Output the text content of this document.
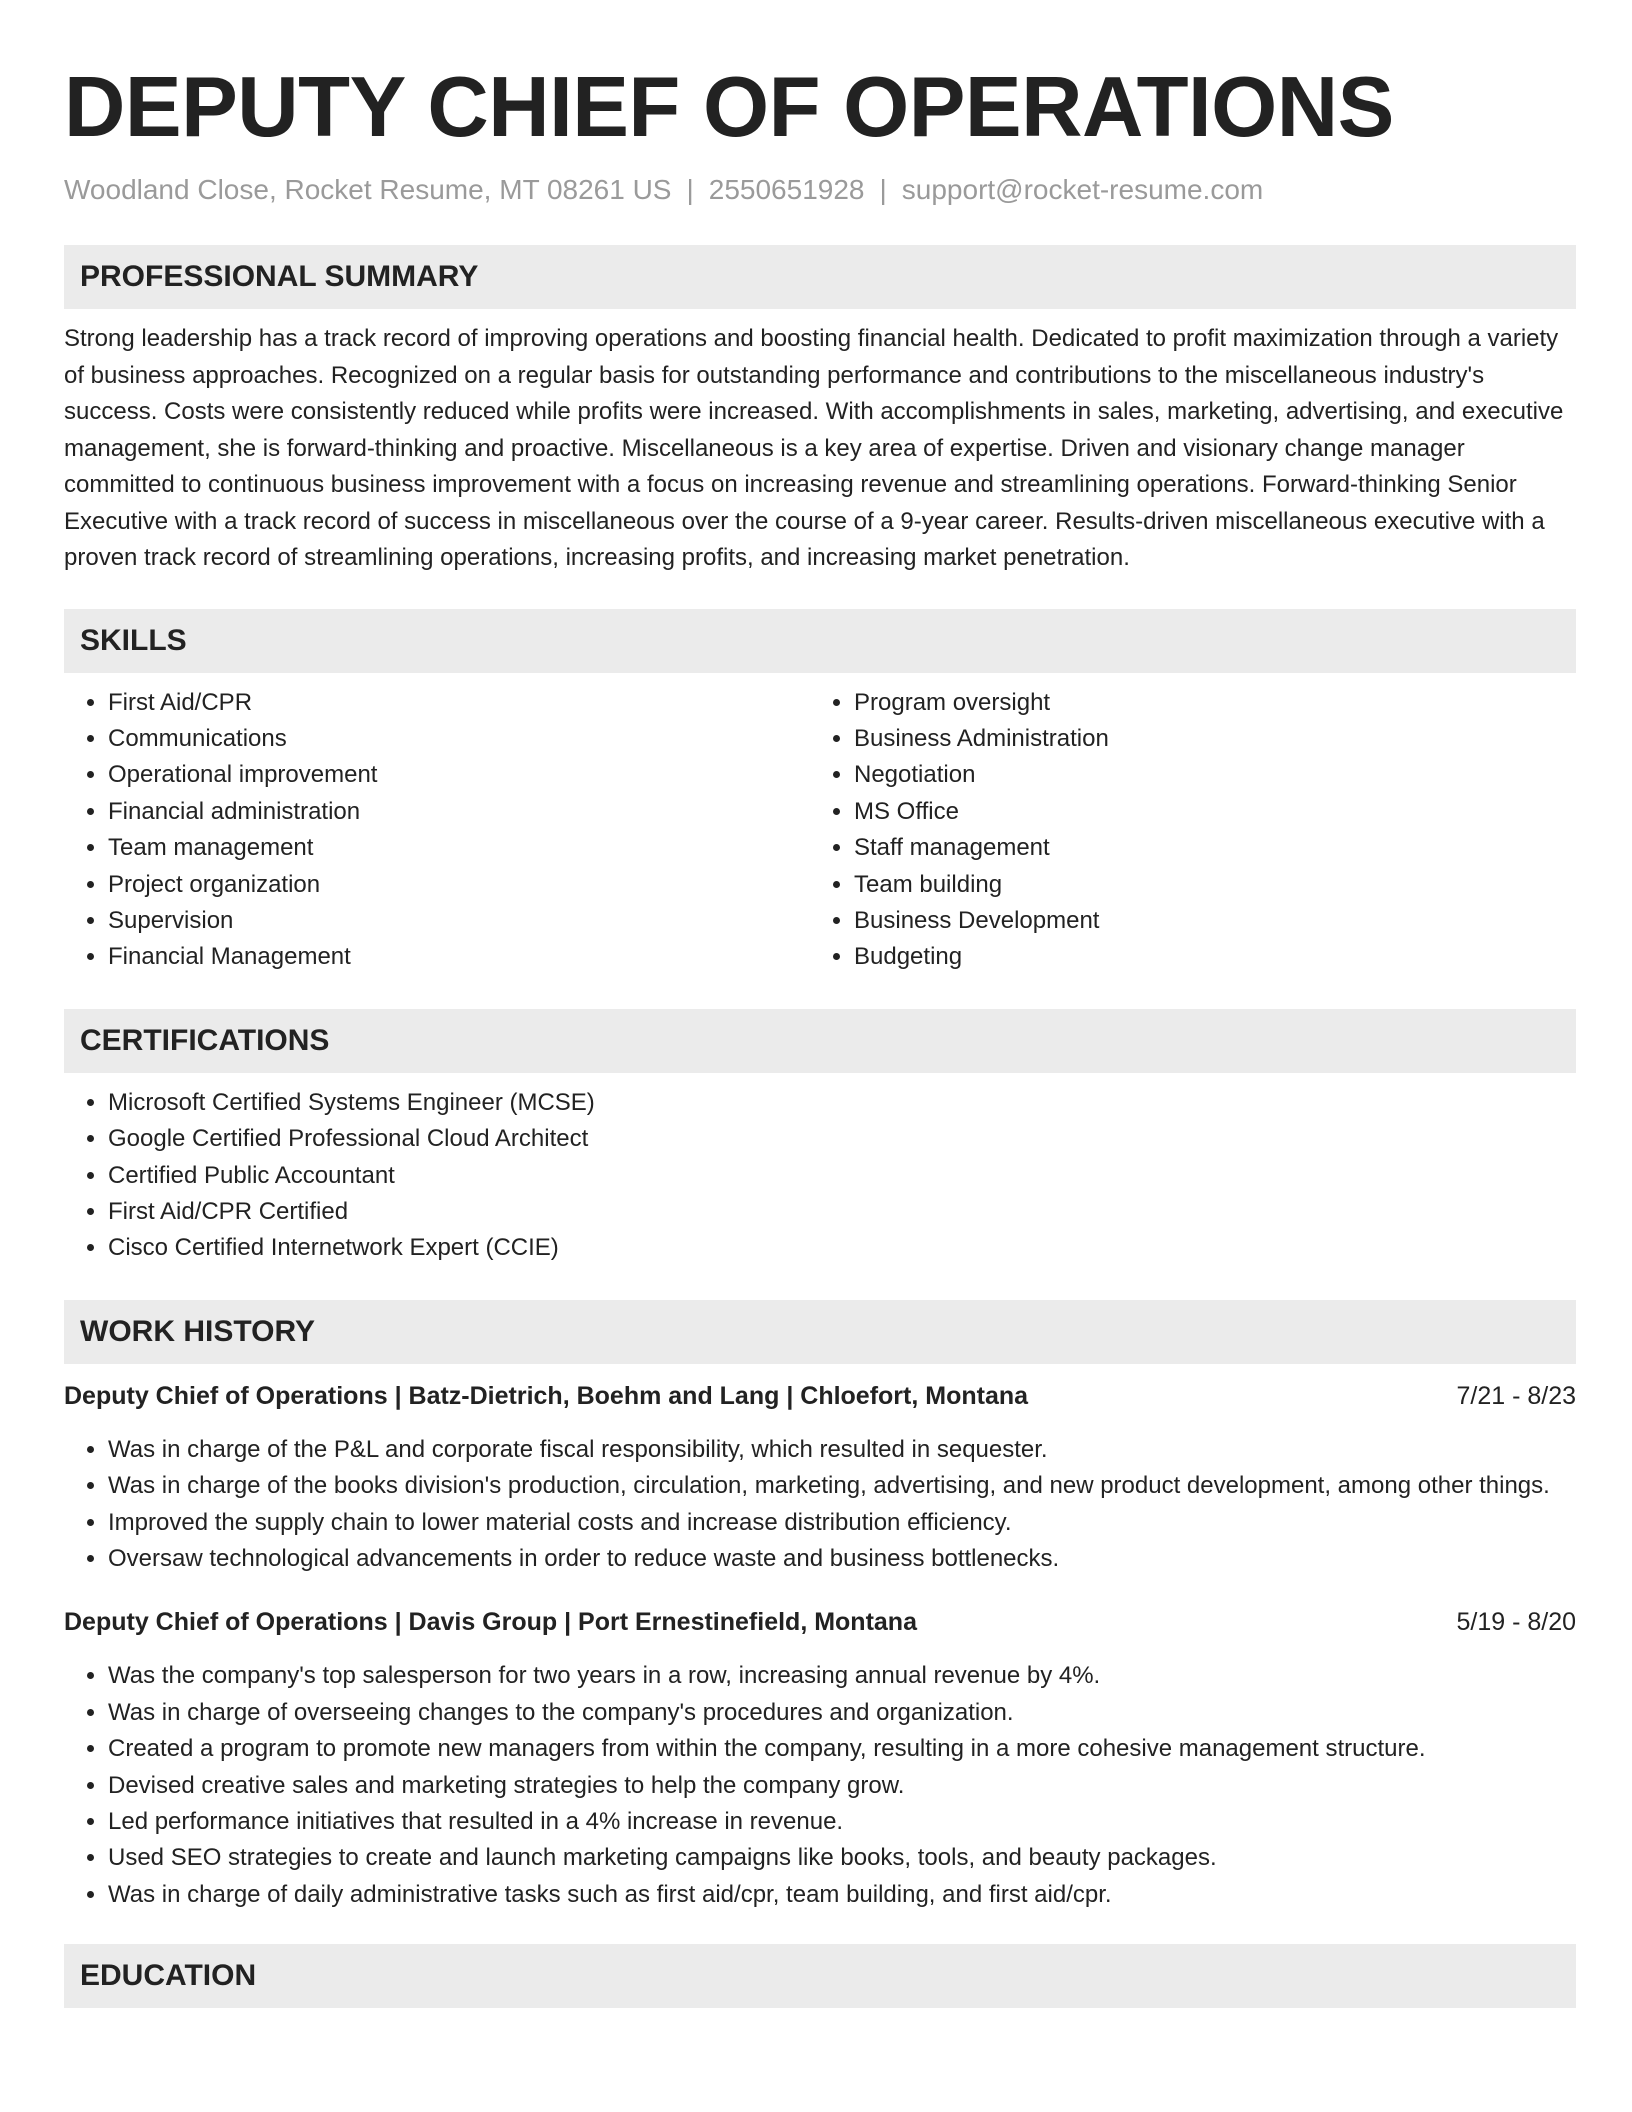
DEPUTY CHIEF OF OPERATIONS
Woodland Close, Rocket Resume, MT 08261 US | 2550651928 | support@rocket-resume.com
PROFESSIONAL SUMMARY

Strong leadership has a track record of improving operations and boosting financial health. Dedicated to profit maximization through a variety of business approaches. Recognized on a regular basis for outstanding performance and contributions to the miscellaneous industry's success. Costs were consistently reduced while profits were increased. With accomplishments in sales, marketing, advertising, and executive management, she is forward-thinking and proactive. Miscellaneous is a key area of expertise. Driven and visionary change manager committed to continuous business improvement with a focus on increasing revenue and streamlining operations. Forward-thinking Senior Executive with a track record of success in miscellaneous over the course of a 9-year career. Results-driven miscellaneous executive with a proven track record of streamlining operations, increasing profits, and increasing market penetration.

SKILLS
• First Aid/CPR
• Communications
• Operational improvement
• Financial administration
• Team management
• Project organization
• Supervision
• Financial Management
• Program oversight
• Business Administration
• Negotiation
• MS Office
• Staff management
• Team building
• Business Development
• Budgeting
CERTIFICATIONS
• Microsoft Certified Systems Engineer (MCSE)
• Google Certified Professional Cloud Architect
• Certified Public Accountant
• First Aid/CPR Certified
• Cisco Certified Internetwork Expert (CCIE)
WORK HISTORY
Deputy Chief of Operations | Batz-Dietrich, Boehm and Lang | Chloefort, Montana	7/21 - 8/23
• Was in charge of the P&L and corporate fiscal responsibility, which resulted in sequester.
• Was in charge of the books division's production, circulation, marketing, advertising, and new product development, among other things.
• Improved the supply chain to lower material costs and increase distribution efficiency.
• Oversaw technological advancements in order to reduce waste and business bottlenecks.
Deputy Chief of Operations | Davis Group | Port Ernestinefield, Montana	5/19 - 8/20
• Was the company's top salesperson for two years in a row, increasing annual revenue by 4%.
• Was in charge of overseeing changes to the company's procedures and organization.
• Created a program to promote new managers from within the company, resulting in a more cohesive management structure.
• Devised creative sales and marketing strategies to help the company grow.
• Led performance initiatives that resulted in a 4% increase in revenue.
• Used SEO strategies to create and launch marketing campaigns like books, tools, and beauty packages.
• Was in charge of daily administrative tasks such as first aid/cpr, team building, and first aid/cpr.
EDUCATION
